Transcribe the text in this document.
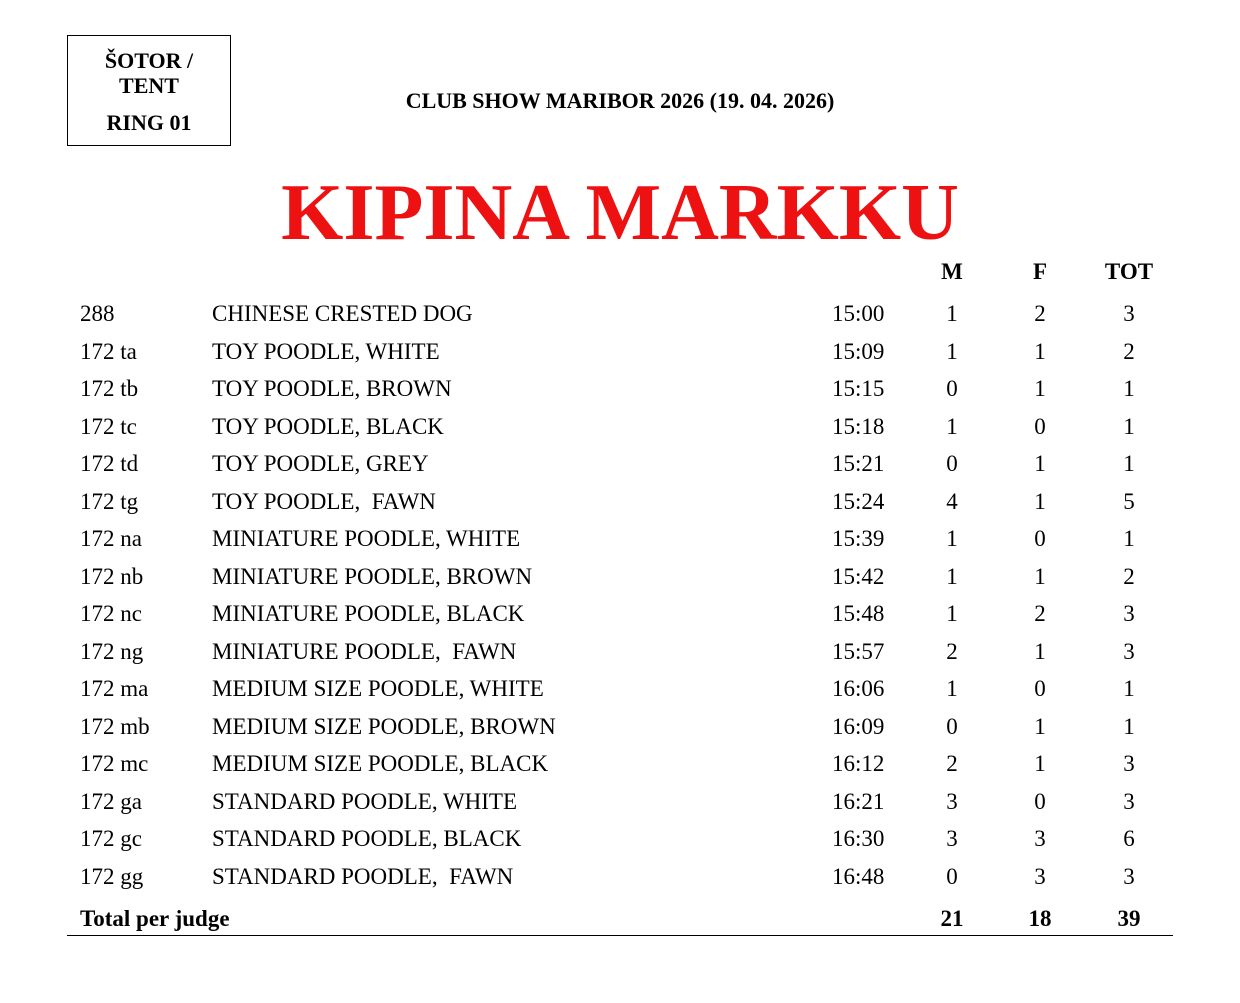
ŠOTOR /
TENT
RING 01
CLUB SHOW MARIBOR 2026 (19. 04. 2026)
KIPINA MARKKU
M	F	TOT
288	CHINESE CRESTED DOG	15:00	1	2	3
172 ta	TOY POODLE, WHITE	15:09	1	1	2
172 tb	TOY POODLE, BROWN	15:15	0	1	1
172 tc	TOY POODLE, BLACK	15:18	1	0	1
172 td	TOY POODLE, GREY	15:21	0	1	1
172 tg	TOY POODLE,  FAWN	15:24	4	1	5
172 na	MINIATURE POODLE, WHITE	15:39	1	0	1
172 nb	MINIATURE POODLE, BROWN	15:42	1	1	2
172 nc	MINIATURE POODLE, BLACK	15:48	1	2	3
172 ng	MINIATURE POODLE,  FAWN	15:57	2	1	3
172 ma	MEDIUM SIZE POODLE, WHITE	16:06	1	0	1
172 mb	MEDIUM SIZE POODLE, BROWN	16:09	0	1	1
172 mc	MEDIUM SIZE POODLE, BLACK	16:12	2	1	3
172 ga	STANDARD POODLE, WHITE	16:21	3	0	3
172 gc	STANDARD POODLE, BLACK	16:30	3	3	6
172 gg	STANDARD POODLE,  FAWN	16:48	0	3	3
Total per judge	21	18	39
